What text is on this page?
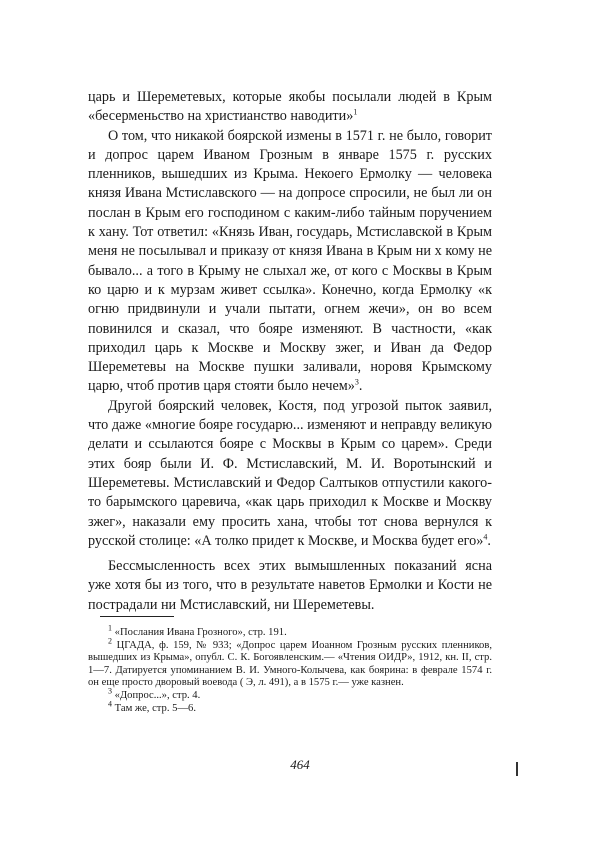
царь и Шереметевых, которые якобы посылали людей в Крым «бесерменьство на христианство наводити»$^1$

О том, что никакой боярской измены в 1571 г. не было, говорит и допрос царем Иваном Грозным в январе 1575 г. русских пленников, вышедших из Крыма. Некоего Ермолку — человека князя Ивана Мстиславского — на допросе спросили, не был ли он послан в Крым его господином с каким-либо тайным поручением к хану. Тот ответил: «Князь Иван, государь, Мстиславской в Крым меня не посылывал и приказу от князя Ивана в Крым ни х кому не бывало... а того в Крыму не слыхал же, от кого с Москвы в Крым ко царю и к мурзам живет ссылка». Конечно, когда Ермолку «к огню придвинули и учали пытати, огнем жечи», он во всем повинился и сказал, что бояре изменяют. В частности, «как приходил царь к Москве и Москву зжег, и Иван да Федор Шереметевы на Москве пушки заливали, норовя Крымскому царю, чтоб против царя стояти было нечем»$^3$.

Другой боярский человек, Костя, под угрозой пыток заявил, что даже «многие бояре государю... изменяют и неправду великую делати и ссылаются бояре с Москвы в Крым со царем». Среди этих бояр были И. Ф. Мстиславский, М. И. Воротынский и Шереметевы. Мстиславский и Федор Салтыков отпустили какого-то барымского царевича, «как царь приходил к Москве и Москву зжег», наказали ему просить хана, чтобы тот снова вернулся к русской столице: «А толко придет к Москве, и Москва будет его»$^4$.

Бессмысленность всех этих вымышленных показаний ясна уже хотя бы из того, что в результате наветов Ермолки и Кости не пострадали ни Мстиславский, ни Шереметевы.

$^1$ «Послания Ивана Грозного», стр. 191.

$^2$ ЦГАДА, ф. 159, № 933; «Допрос царем Иоанном Грозным русских пленников, вышедших из Крыма», опубл. С. К. Богоявленским.— «Чтения ОИДР», 1912, кн. II, стр. 1—7. Датируется упоминанием В. И. Умного-Колычева, как боярина: в феврале 1574 г. он еще просто дворовый воевода ( Э, л. 491), а в 1575 г.— уже казнен.

$^3$ «Допрос...», стр. 4.

$^4$ Там же, стр. 5—6.

464
